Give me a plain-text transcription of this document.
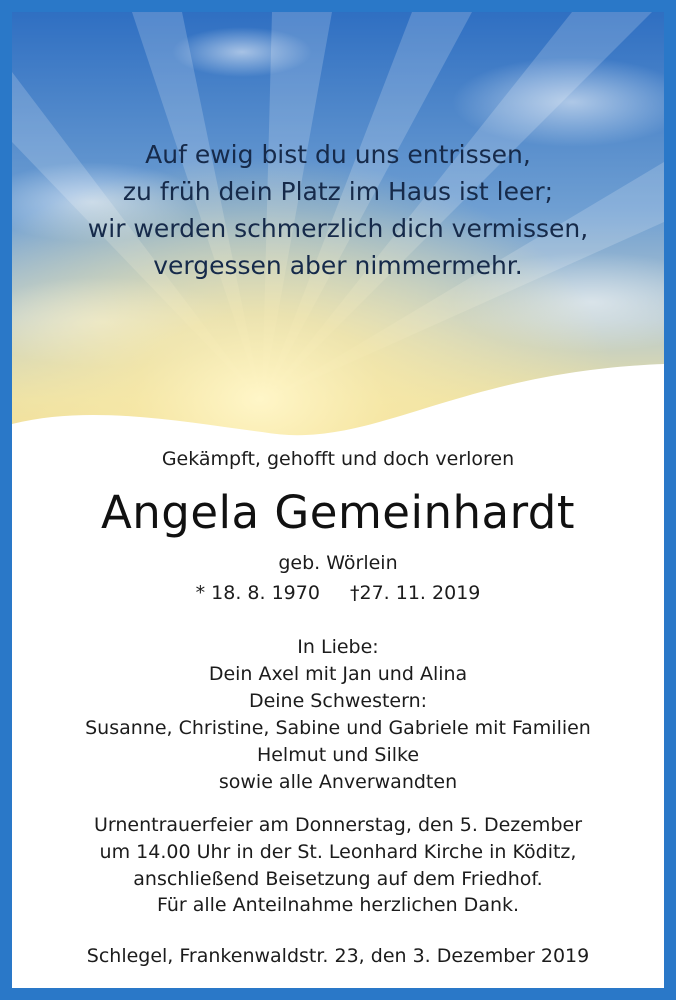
Auf ewig bist du uns entrissen,
zu früh dein Platz im Haus ist leer;
wir werden schmerzlich dich vermissen,
vergessen aber nimmermehr.
Gekämpft, gehofft und doch verloren
Angela Gemeinhardt
geb. Wörlein
* 18. 8. 1970 †27. 11. 2019
In Liebe:
Dein Axel mit Jan und Alina
Deine Schwestern:
Susanne, Christine, Sabine und Gabriele mit Familien
Helmut und Silke
sowie alle Anverwandten
Urnentrauerfeier am Donnerstag, den 5. Dezember
um 14.00 Uhr in der St. Leonhard Kirche in Köditz,
anschließend Beisetzung auf dem Friedhof.
Für alle Anteilnahme herzlichen Dank.
Schlegel, Frankenwaldstr. 23, den 3. Dezember 2019
